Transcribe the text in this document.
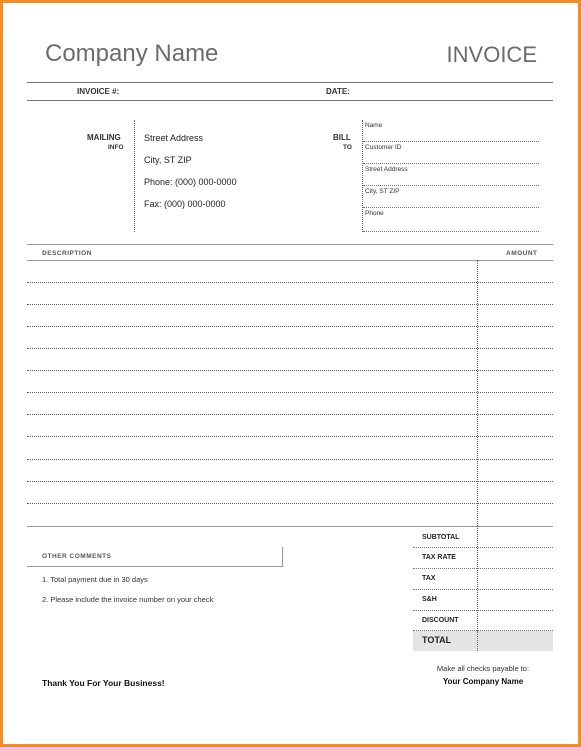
Company Name	INVOICE
INVOICE #:	DATE:
MAILING
INFO
Street Address
City, ST ZIP
Phone: (000) 000-0000
Fax: (000) 000-0000
BILL
TO
Name
Customer ID
Street Address
City, ST ZIP
Phone
DESCRIPTION	AMOUNT
OTHER COMMENTS
1. Total payment due in 30 days
2. Please include the invoice number on your check
SUBTOTAL
TAX RATE
TAX
S&H
DISCOUNT
TOTAL
Thank You For Your Business!
Make all checks payable to:
Your Company Name
